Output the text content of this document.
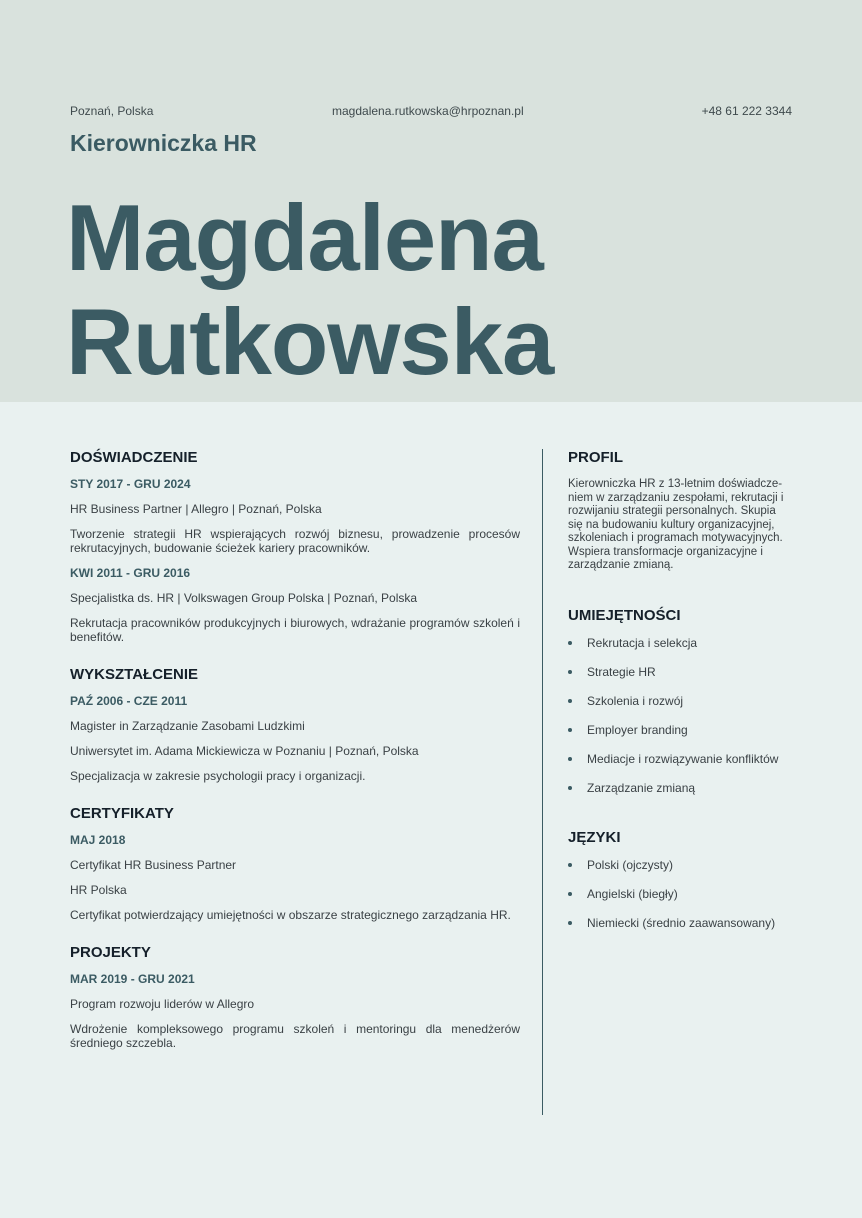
Poznań, Polska	magdalena.rutkowska@hrpoznan.pl	+48 61 222 3344
Kierowniczka HR
Magdalena
Rutkowska
DOŚWIADCZENIE
STY 2017 - GRU 2024
HR Business Partner | Allegro | Poznań, Polska
Tworzenie strategii HR wspierających rozwój biznesu, prowadzenie procesów rekrutacyjnych, budowanie ścieżek kariery pracowników.
KWI 2011 - GRU 2016
Specjalistka ds. HR | Volkswagen Group Polska | Poznań, Polska
Rekrutacja pracowników produkcyjnych i biurowych, wdrażanie programów szkoleń i benefitów.
WYKSZTAŁCENIE
PAŹ 2006 - CZE 2011
Magister in Zarządzanie Zasobami Ludzkimi
Uniwersytet im. Adama Mickiewicza w Poznaniu | Poznań, Polska
Specjalizacja w zakresie psychologii pracy i organizacji.
CERTYFIKATY
MAJ 2018
Certyfikat HR Business Partner
HR Polska
Certyfikat potwierdzający umiejętności w obszarze strategicznego zarządzania HR.
PROJEKTY
MAR 2019 - GRU 2021
Program rozwoju liderów w Allegro
Wdrożenie kompleksowego programu szkoleń i mentoringu dla menedżerów średniego szczebla.
PROFIL
Kierowniczka HR z 13-letnim doświadczeniem w zarządzaniu zespołami, rekrutacji i rozwijaniu strategii personalnych. Skupia się na budowaniu kultury organizacyjnej, szkoleniach i programach motywacyjnych. Wspiera transformacje organizacyjne i zarządzanie zmianą.
UMIEJĘTNOŚCI
Rekrutacja i selekcja
Strategie HR
Szkolenia i rozwój
Employer branding
Mediacje i rozwiązywanie konfliktów
Zarządzanie zmianą
JĘZYKI
Polski (ojczysty)
Angielski (biegły)
Niemiecki (średnio zaawansowany)
